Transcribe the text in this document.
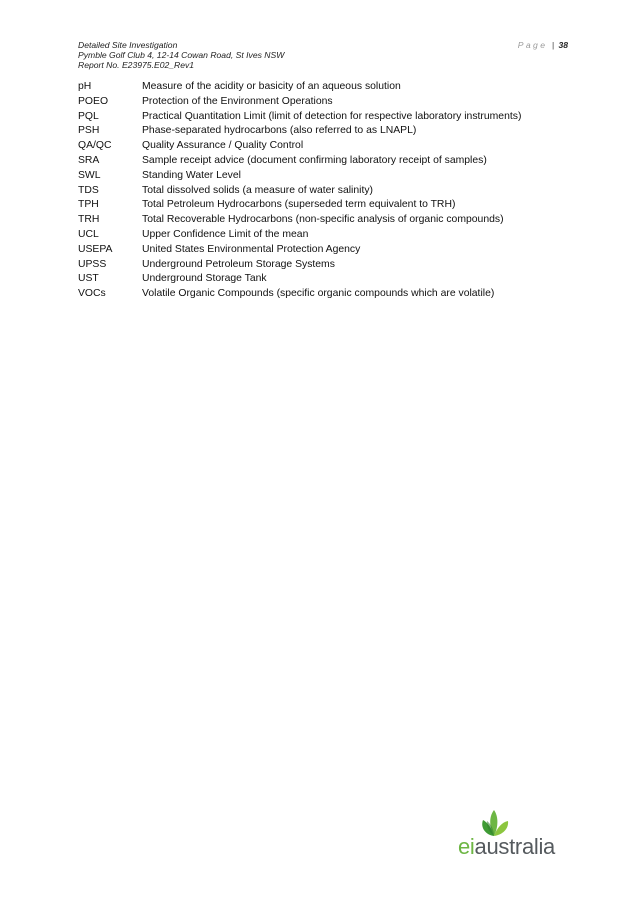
Detailed Site Investigation
Pymble Golf Club 4, 12-14 Cowan Road, St Ives NSW
Report No. E23975.E02_Rev1
Page | 38
pH	Measure of the acidity or basicity of an aqueous solution
POEO	Protection of the Environment Operations
PQL	Practical Quantitation Limit (limit of detection for respective laboratory instruments)
PSH	Phase-separated hydrocarbons (also referred to as LNAPL)
QA/QC	Quality Assurance / Quality Control
SRA	Sample receipt advice (document confirming laboratory receipt of samples)
SWL	Standing Water Level
TDS	Total dissolved solids (a measure of water salinity)
TPH	Total Petroleum Hydrocarbons (superseded term equivalent to TRH)
TRH	Total Recoverable Hydrocarbons (non-specific analysis of organic compounds)
UCL	Upper Confidence Limit of the mean
USEPA	United States Environmental Protection Agency
UPSS	Underground Petroleum Storage Systems
UST	Underground Storage Tank
VOCs	Volatile Organic Compounds (specific organic compounds which are volatile)
eiaustralia
